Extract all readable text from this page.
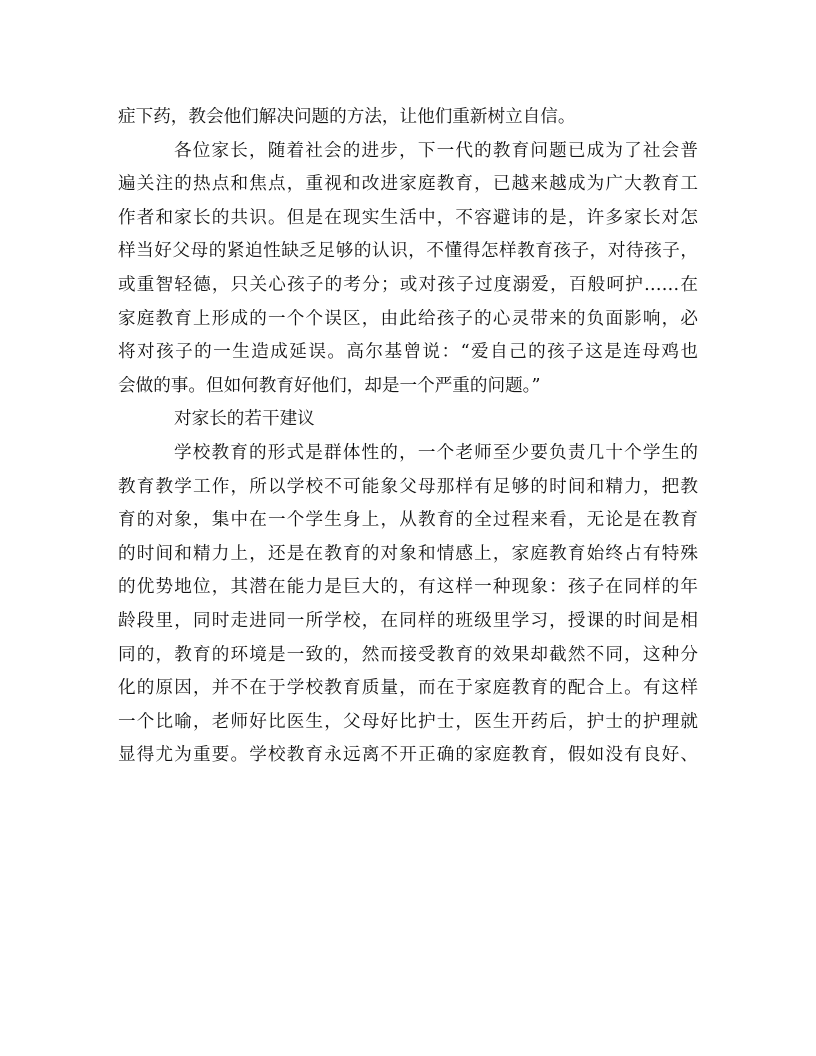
症下药，教会他们解决问题的方法，让他们重新树立自信。
各位家长，随着社会的进步，下一代的教育问题已成为了社会普
遍关注的热点和焦点，重视和改进家庭教育，已越来越成为广大教育工
作者和家长的共识。但是在现实生活中，不容避讳的是，许多家长对怎
样当好父母的紧迫性缺乏足够的认识，不懂得怎样教育孩子，对待孩子，
或重智轻德，只关心孩子的考分；或对孩子过度溺爱，百般呵护……在
家庭教育上形成的一个个误区，由此给孩子的心灵带来的负面影响，必
将对孩子的一生造成延误。高尔基曾说：“爱自己的孩子这是连母鸡也
会做的事。但如何教育好他们，却是一个严重的问题。”
对家长的若干建议
学校教育的形式是群体性的，一个老师至少要负责几十个学生的
教育教学工作，所以学校不可能象父母那样有足够的时间和精力，把教
育的对象，集中在一个学生身上，从教育的全过程来看，无论是在教育
的时间和精力上，还是在教育的对象和情感上，家庭教育始终占有特殊
的优势地位，其潜在能力是巨大的，有这样一种现象：孩子在同样的年
龄段里，同时走进同一所学校，在同样的班级里学习，授课的时间是相
同的，教育的环境是一致的，然而接受教育的效果却截然不同，这种分
化的原因，并不在于学校教育质量，而在于家庭教育的配合上。有这样
一个比喻，老师好比医生，父母好比护士，医生开药后，护士的护理就
显得尤为重要。学校教育永远离不开正确的家庭教育，假如没有良好、
